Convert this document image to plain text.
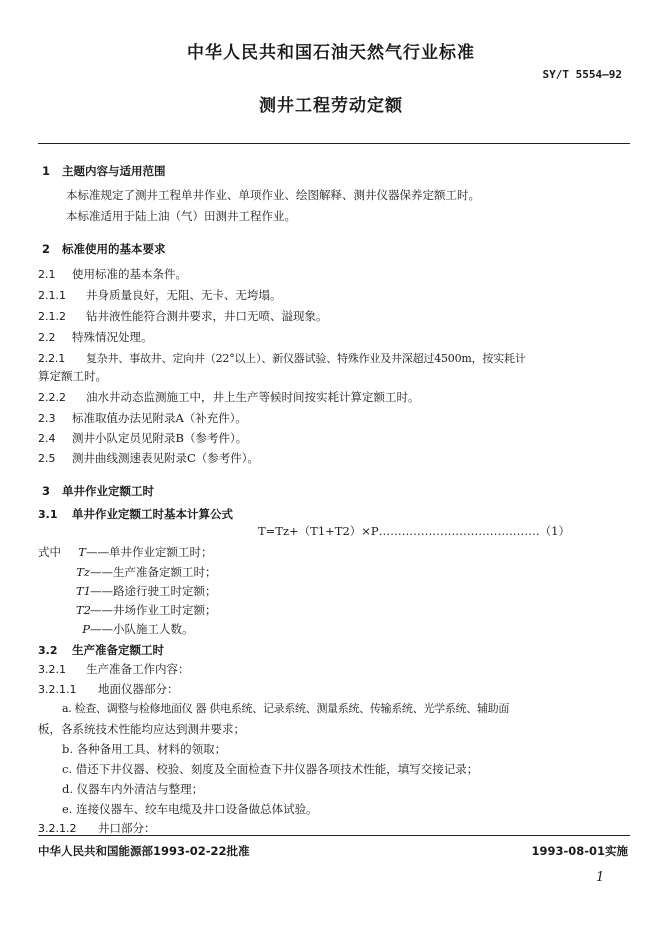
中华人民共和国石油天然气行业标准
SY/T 5554—92
测井工程劳动定额
1 主题内容与适用范围
本标准规定了测井工程单井作业、单项作业、绘图解释、测井仪器保养定额工时。
本标准适用于陆上油（气）田测井工程作业。
2 标准使用的基本要求
2.1 使用标准的基本条件。
2.1.1 井身质量良好，无阻、无卡、无垮塌。
2.1.2 钻井液性能符合测井要求，井口无喷、溢现象。
2.2 特殊情况处理。
2.2.1 复杂井、事故井、定向井（22°以上）、新仪器试验、特殊作业及井深超过4500m，按实耗计
算定额工时。
2.2.2 油水井动态监测施工中，井上生产等候时间按实耗计算定额工时。
2.3 标准取值办法见附录A（补充件）。
2.4 测井小队定员见附录B（参考件）。
2.5 测井曲线测速表见附录C（参考件）。
3 单井作业定额工时
3.1 单井作业定额工时基本计算公式
T=Tz+（T1+T2）×P……………………………………（1）
式中 T——单井作业定额工时；
Tz——生产准备定额工时；
T1——路途行驶工时定额；
T2——井场作业工时定额；
P——小队施工人数。
3.2 生产准备定额工时
3.2.1 生产准备工作内容：
3.2.1.1 地面仪器部分：
a. 检查、调整与检修地面仪 器 供电系统、记录系统、测量系统、传输系统、光学系统、辅助面
板，各系统技术性能均应达到测井要求；
b. 各种备用工具、材料的领取；
c. 借还下井仪器、校验、刻度及全面检查下井仪器各项技术性能，填写交接记录；
d. 仪器车内外清洁与整理；
e. 连接仪器车、绞车电缆及井口设备做总体试验。
3.2.1.2 井口部分：
中华人民共和国能源部1993-02-22批准	1993-08-01实施
1
